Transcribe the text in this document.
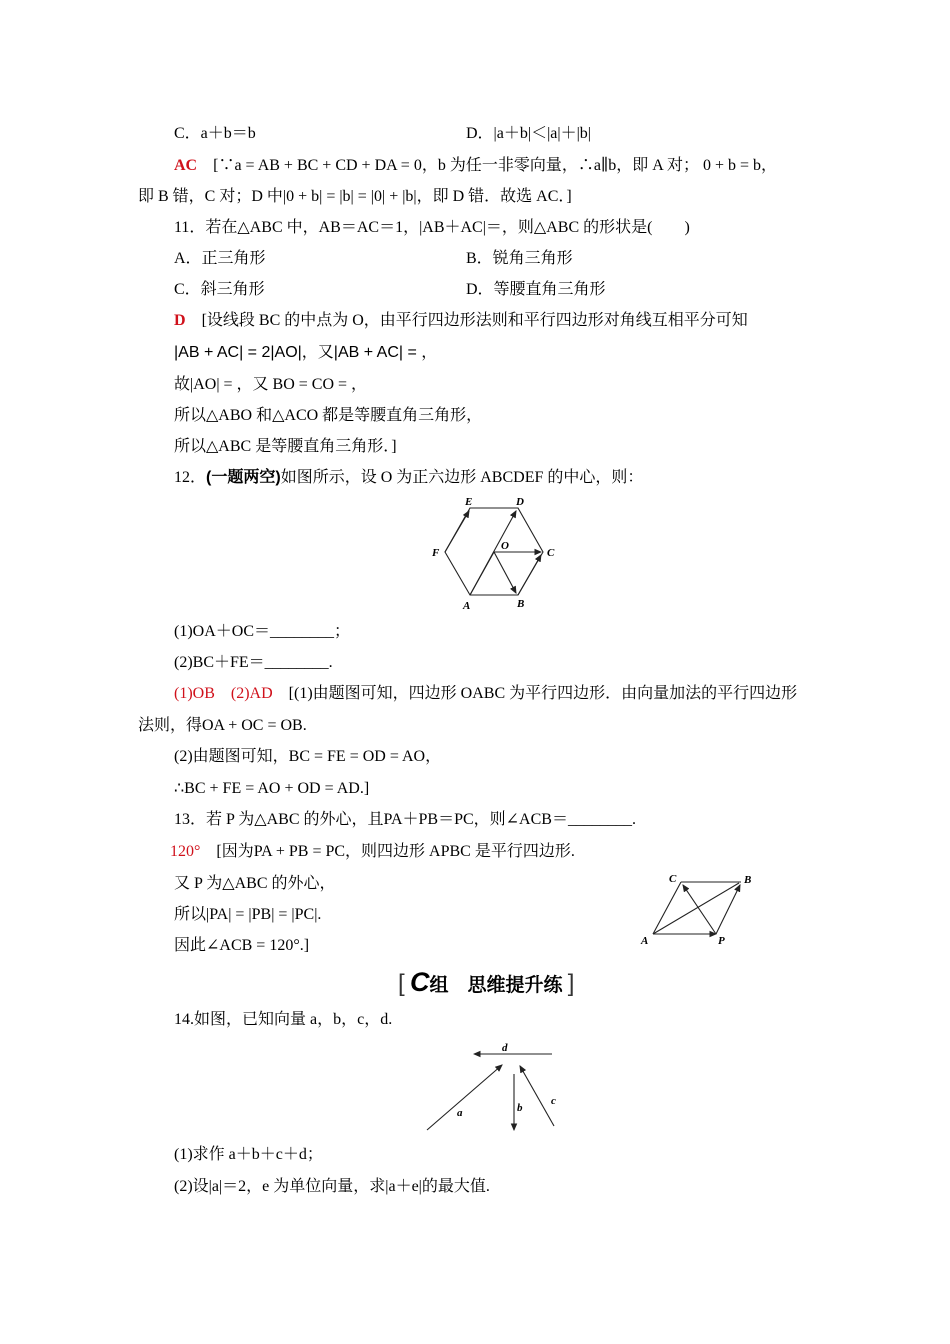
C．a＋b＝b	D．|a＋b|＜|a|＋|b|
AC　 [∵a = AB + BC + CD + DA = 0，b 为任一非零向量，∴a∥b，即 A 对； 0 + b = b，
即 B 错，C 对；D 中|0 + b| = |b| = |0| + |b|，即 D 错．故选 AC．]
11．若在△ABC 中，AB＝AC＝1，|AB＋AC|＝，则△ABC 的形状是(　　)
A．正三角形	B．锐角三角形
C．斜三角形	D．等腰直角三角形
D　 [设线段 BC 的中点为 O，由平行四边形法则和平行四边形对角线互相平分可知
|AB + AC| = 2|AO|，又|AB + AC| = ，
故|AO| = ，又 BO = CO = ，
所以△ABO 和△ACO 都是等腰直角三角形，
所以△ABC 是等腰直角三角形．]
12．(一题两空)如图所示，设 O 为正六边形 ABCDEF 的中心，则：
E	D
F
O
C
A	B
(1)OA＋OC＝________；
(2)BC＋FE＝________.
(1)OB　(2)AD　 [(1)由题图可知，四边形 OABC 为平行四边形．由向量加法的平行四边形
法则，得OA + OC = OB.
(2)由题图可知，BC = FE = OD = AO，
∴BC + FE = AO + OD = AD.]
13．若 P 为△ABC 的外心，且PA＋PB＝PC，则∠ACB＝________.
120°　 [因为PA + PB = PC，则四边形 APBC 是平行四边形.
又 P 为△ABC 的外心，
所以|PA| = |PB| = |PC|.
因此∠ACB = 120°.]
C	B
A	P
[ C组　思维提升练 ]
14.如图，已知向量 a，b，c，d.
d
a	b
c
(1)求作 a＋b＋c＋d；
(2)设|a|＝2，e 为单位向量，求|a＋e|的最大值.
